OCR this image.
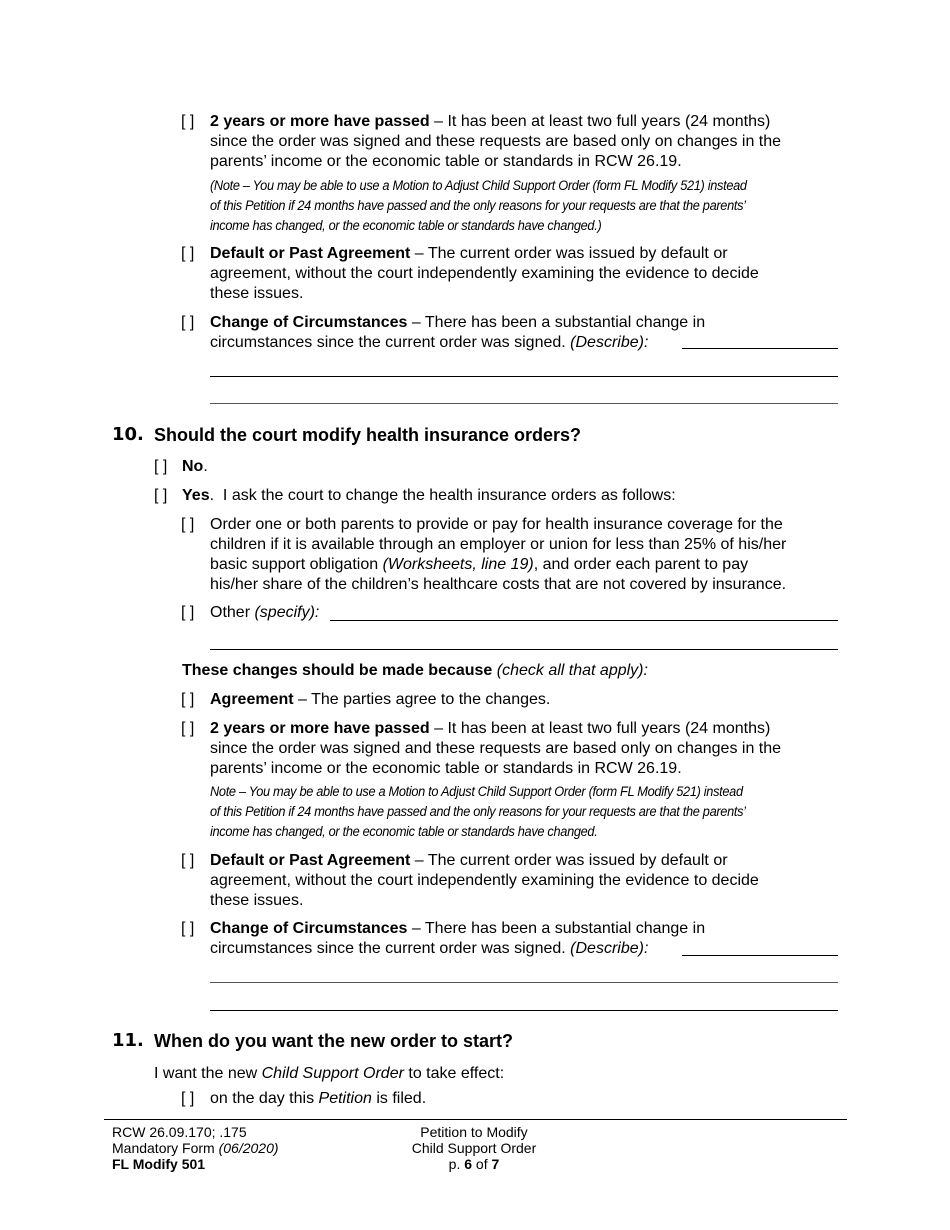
[ ] 2 years or more have passed – It has been at least two full years (24 months)
since the order was signed and these requests are based only on changes in the
parents’ income or the economic table or standards in RCW 26.19.
(Note – You may be able to use a Motion to Adjust Child Support Order (form FL Modify 521) instead
of this Petition if 24 months have passed and the only reasons for your requests are that the parents’
income has changed, or the economic table or standards have changed.)
[ ] Default or Past Agreement – The current order was issued by default or
agreement, without the court independently examining the evidence to decide
these issues.
[ ] Change of Circumstances – There has been a substantial change in
circumstances since the current order was signed. (Describe):
10. Should the court modify health insurance orders?
[ ] No.
[ ] Yes.  I ask the court to change the health insurance orders as follows:
[ ] Order one or both parents to provide or pay for health insurance coverage for the
children if it is available through an employer or union for less than 25% of his/her
basic support obligation (Worksheets, line 19), and order each parent to pay
his/her share of the children’s healthcare costs that are not covered by insurance.
[ ] Other (specify):
These changes should be made because (check all that apply):
[ ] Agreement – The parties agree to the changes.
[ ] 2 years or more have passed – It has been at least two full years (24 months)
since the order was signed and these requests are based only on changes in the
parents’ income or the economic table or standards in RCW 26.19.
Note – You may be able to use a Motion to Adjust Child Support Order (form FL Modify 521) instead
of this Petition if 24 months have passed and the only reasons for your requests are that the parents’
income has changed, or the economic table or standards have changed.
[ ] Default or Past Agreement – The current order was issued by default or
agreement, without the court independently examining the evidence to decide
these issues.
[ ] Change of Circumstances – There has been a substantial change in
circumstances since the current order was signed. (Describe):
11. When do you want the new order to start?
I want the new Child Support Order to take effect:
[ ] on the day this Petition is filed.
RCW 26.09.170; .175
Mandatory Form (06/2020)
FL Modify 501
Petition to Modify
Child Support Order
p. 6 of 7
